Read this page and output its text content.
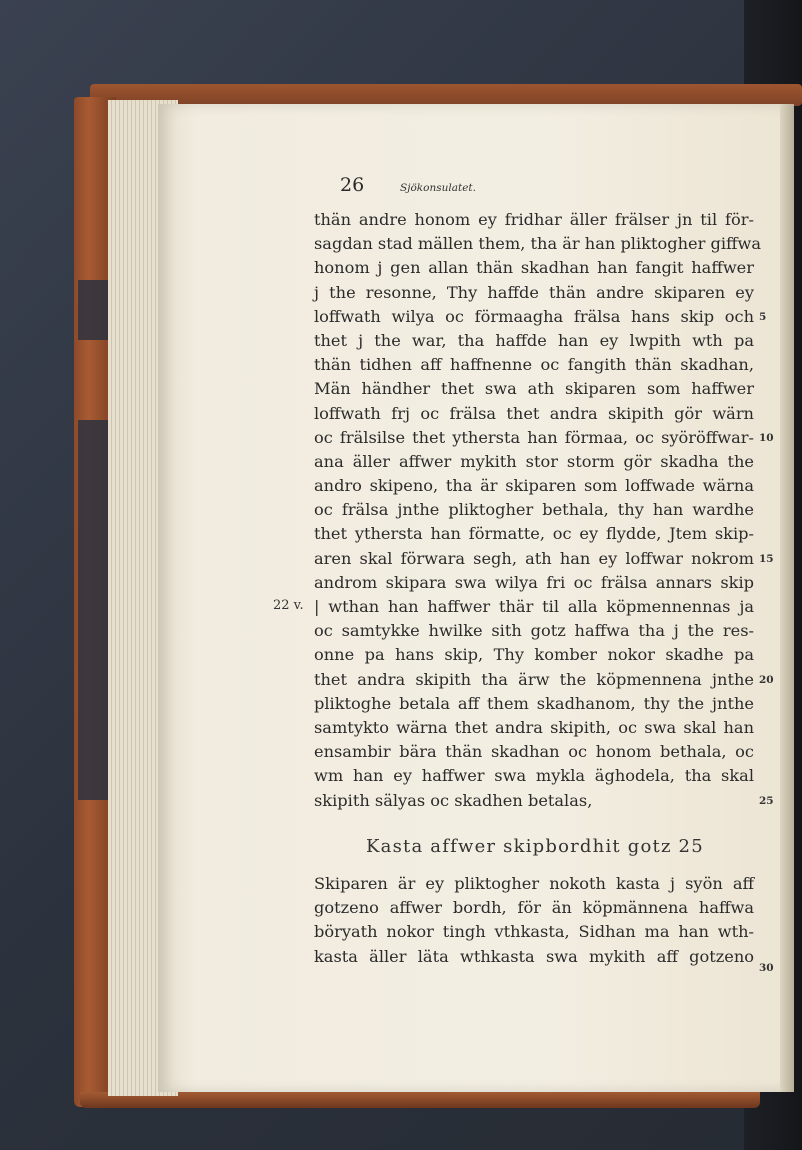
26	Sjökonsulatet.
thän andre honom ey fridhar äller frälser jn til för-
sagdan stad mällen them, tha är han pliktogher giffwa
honom j gen allan thän skadhan han fangit haffwer
j the resonne, Thy haffde thän andre skiparen ey
loffwath wilya oc förmaagha frälsa hans skip och
thet j the war, tha haffde han ey lwpith wth pa
thän tidhen aff haffnenne oc fangith thän skadhan,
Män händher thet swa ath skiparen som haffwer
loffwath frj oc frälsa thet andra skipith gör wärn
oc frälsilse thet ythersta han förmaa, oc syöröffwar-
ana äller affwer mykith stor storm gör skadha the
andro skipeno, tha är skiparen som loffwade wärna
oc frälsa jnthe pliktogher bethala, thy han wardhe
thet ythersta han förmatte, oc ey flydde, Jtem skip-
aren skal förwara segh, ath han ey loffwar nokrom
androm skipara swa wilya fri oc frälsa annars skip
| wthan han haffwer thär til alla köpmennennas ja
oc samtykke hwilke sith gotz haffwa tha j the res-
onne pa hans skip, Thy komber nokor skadhe pa
thet andra skipith tha ärw the köpmennena jnthe
pliktoghe betala aff them skadhanom, thy the jnthe
samtykto wärna thet andra skipith, oc swa skal han
ensambir bära thän skadhan oc honom bethala, oc
wm han ey haffwer swa mykla äghodela, tha skal
skipith sälyas oc skadhen betalas,
22 v.
Kasta affwer skipbordhit gotz 25
Skiparen är ey pliktogher nokoth kasta j syön aff
gotzeno affwer bordh, för än köpmännena haffwa
böryath nokor tingh vthkasta, Sidhan ma han wth-
kasta äller läta wthkasta swa mykith aff gotzeno
5
10
15
20
25
30
